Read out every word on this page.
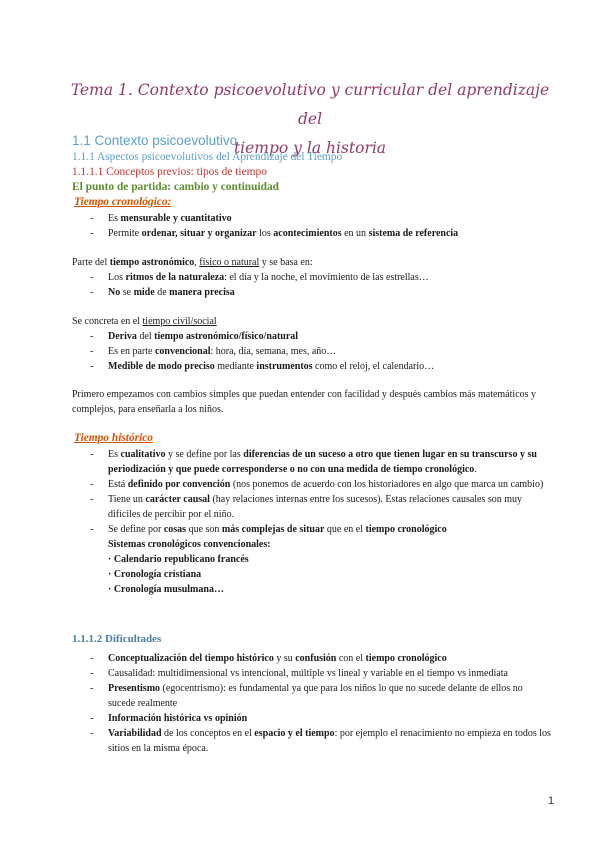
Tema 1. Contexto psicoevolutivo y curricular del aprendizaje del
tiempo y la historia
1.1 Contexto psicoevolutivo
1.1.1 Aspectos psicoevolutivos del Aprendizaje del Tiempo
1.1.1.1 Conceptos previos: tipos de tiempo
El punto de partida: cambio y continuidad
Tiempo cronológico:
- Es mensurable y cuantitativo
- Permite ordenar, situar y organizar los acontecimientos en un sistema de referencia
Parte del tiempo astronómico, físico o natural y se basa en:
- Los ritmos de la naturaleza: el día y la noche, el movimiento de las estrellas…
- No se mide de manera precisa
Se concreta en el tiempo civil/social
- Deriva del tiempo astronómico/físico/natural
- Es en parte convencional: hora, día, semana, mes, año…
- Medible de modo preciso mediante instrumentos como el reloj, el calendario…
Primero empezamos con cambios simples que puedan entender con facilidad y después cambios más matemáticos y complejos, para enseñarla a los niños.
Tiempo histórico
- Es cualitativo y se define por las diferencias de un suceso a otro que tienen lugar en su transcurso y su periodización y que puede corresponderse o no con una medida de tiempo cronológico.
- Está definido por convención (nos ponemos de acuerdo con los historiadores en algo que marca un cambio)
- Tiene un carácter causal (hay relaciones internas entre los sucesos). Estas relaciones causales son muy difíciles de percibir por el niño.
- Se define por cosas que son más complejas de situar que en el tiempo cronológico
Sistemas cronológicos convencionales:
· Calendario republicano francés
· Cronología cristiana
· Cronología musulmana…
1.1.1.2 Dificultades
- Conceptualización del tiempo histórico y su confusión con el tiempo cronológico
- Causalidad: multidimensional vs intencional, múltiple vs lineal y variable en el tiempo vs inmediata
- Presentismo (egocentrismo): es fundamental ya que para los niños lo que no sucede delante de ellos no sucede realmente
- Información histórica vs opinión
- Variabilidad de los conceptos en el espacio y el tiempo: por ejemplo el renacimiento no empieza en todos los sitios en la misma época.
1
